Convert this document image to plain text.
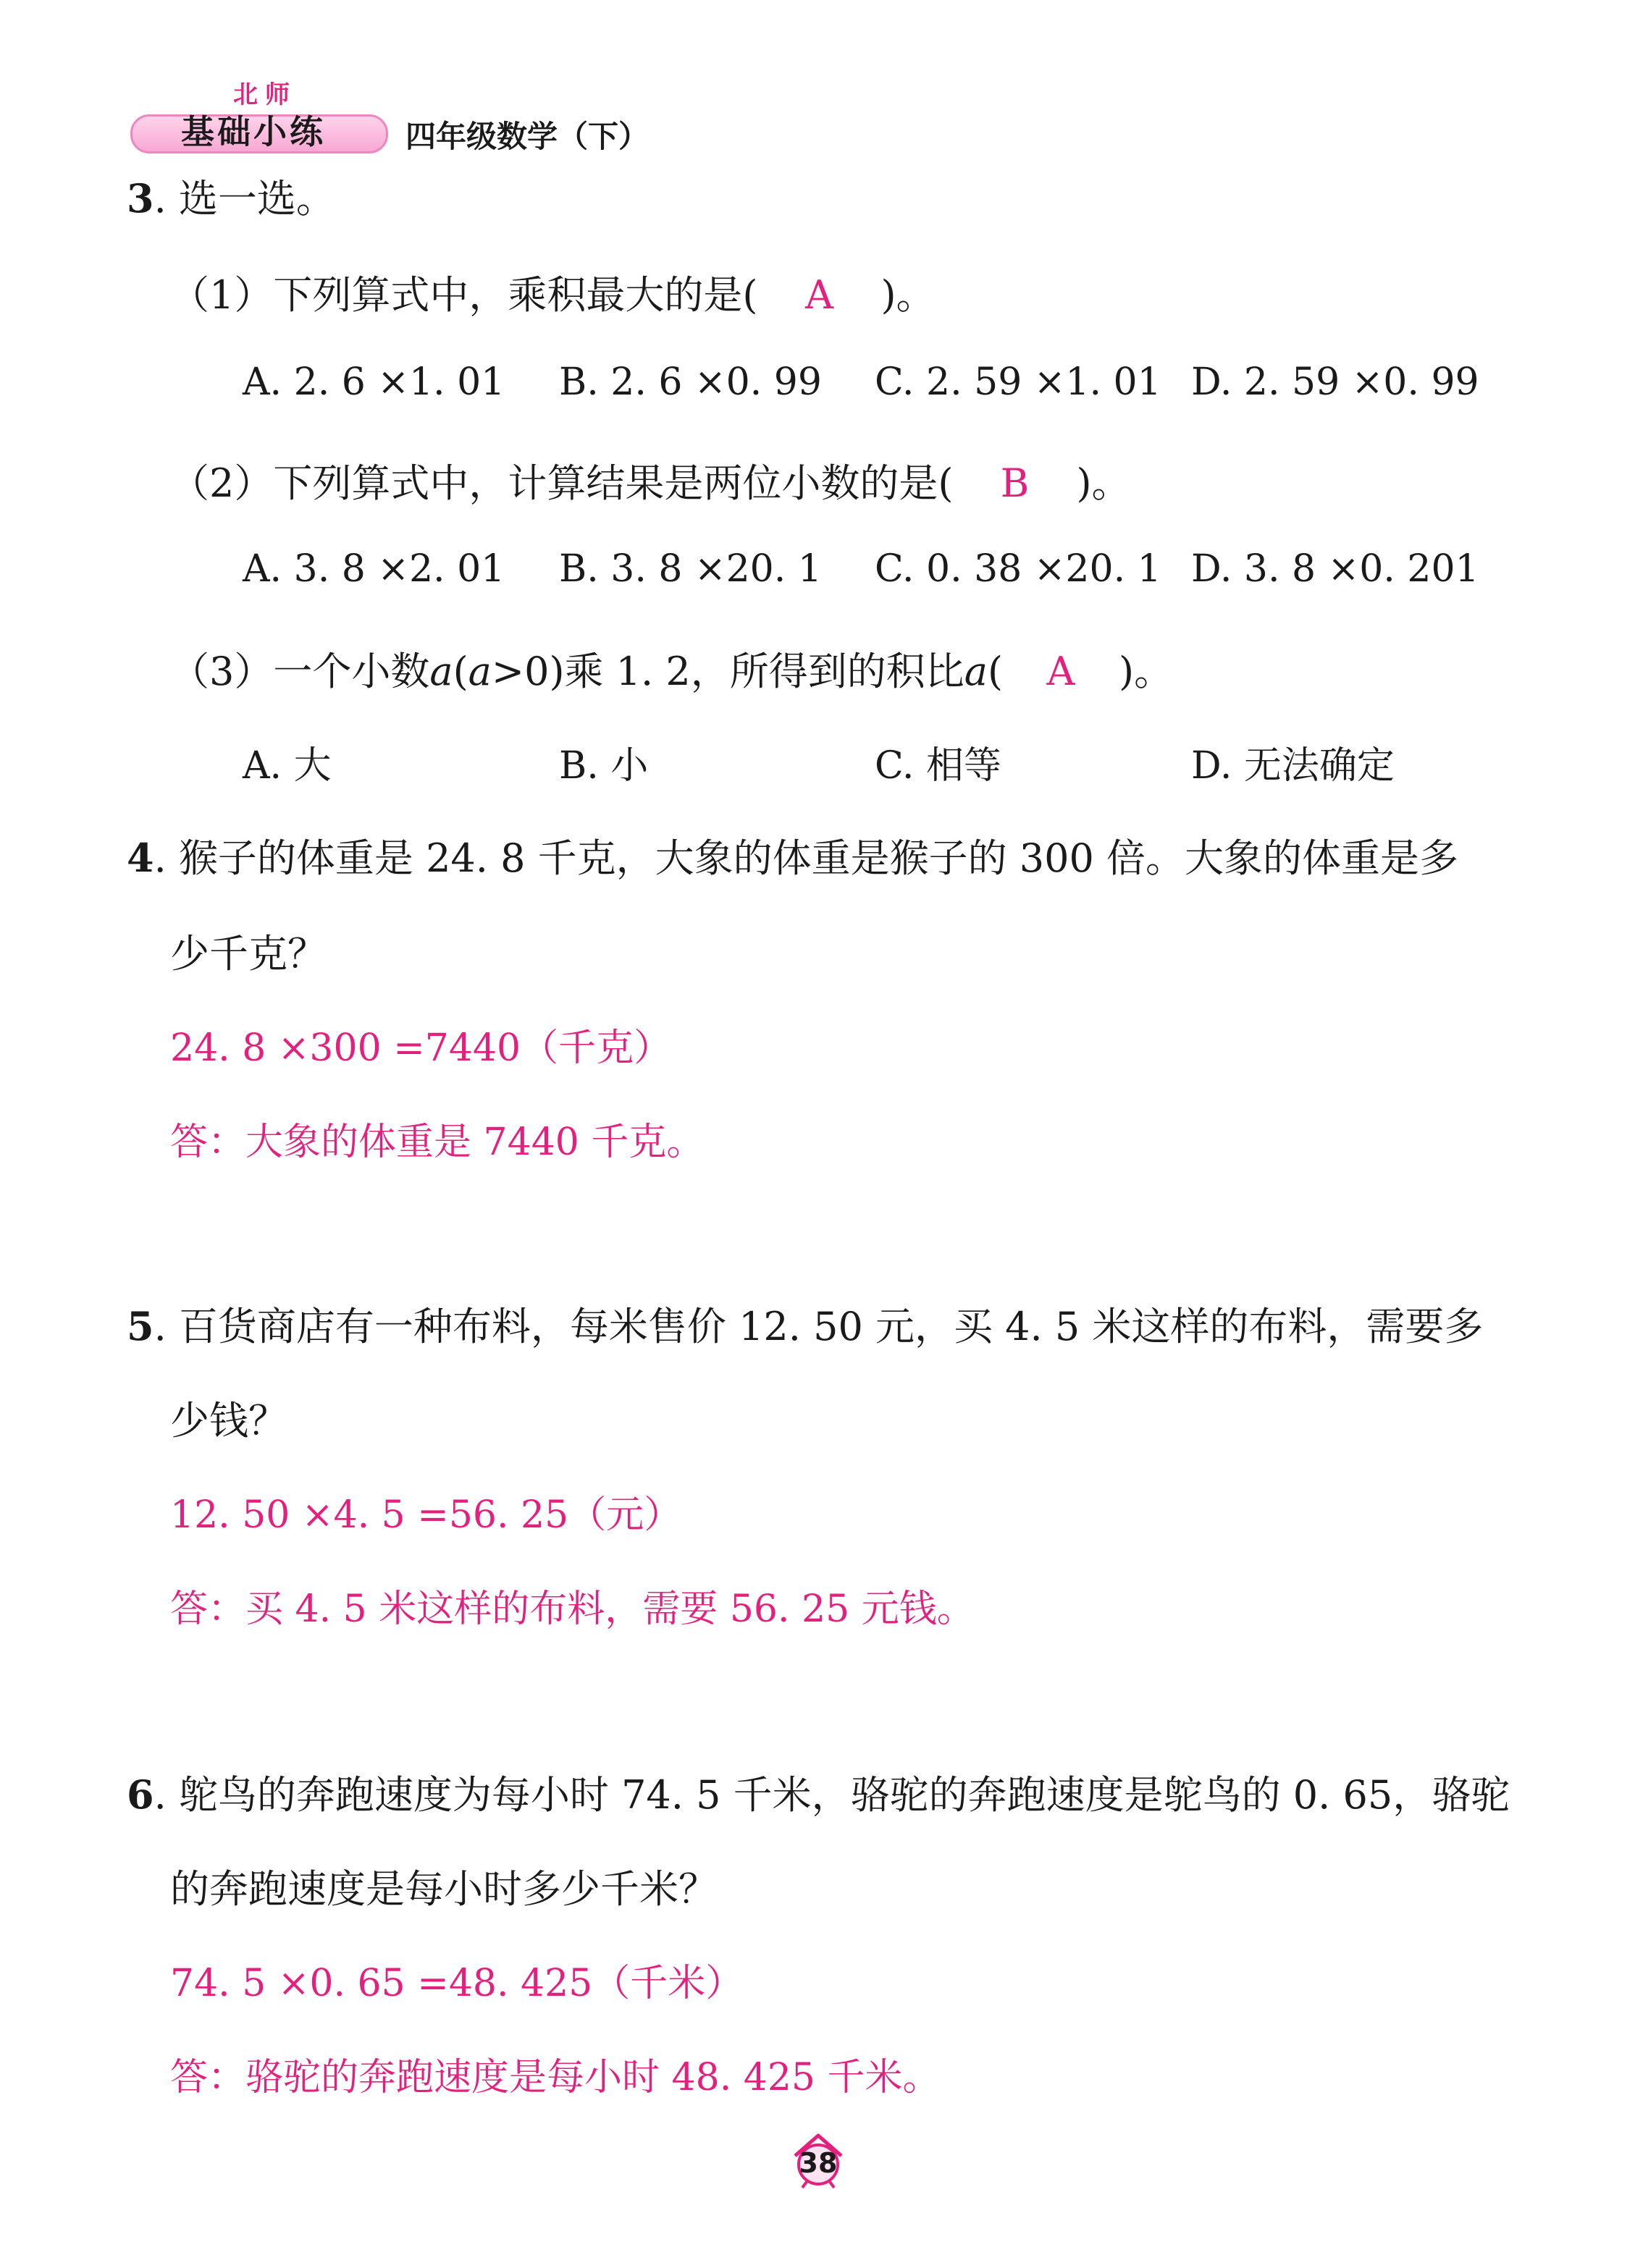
北师
基础小练	四年级数学（下）
3. 选一选。
（1）下列算式中，乘积最大的是( A )。
A. 2. 6 ×1. 01 B. 2. 6 ×0. 99 C. 2. 59 ×1. 01 D. 2. 59 ×0. 99
（2）下列算式中，计算结果是两位小数的是( B )。
A. 3. 8 ×2. 01 B. 3. 8 ×20. 1 C. 0. 38 ×20. 1 D. 3. 8 ×0. 201
（3）一个小数a(a>0)乘 1. 2，所得到的积比a( A )。
A. 大	B. 小	C. 相等	D. 无法确定
4. 猴子的体重是 24. 8 千克，大象的体重是猴子的 300 倍。大象的体重是多
少千克？
24. 8 ×300 =7440（千克）
答：大象的体重是 7440 千克。
5. 百货商店有一种布料，每米售价 12. 50 元，买 4. 5 米这样的布料，需要多
少钱？
12. 50 ×4. 5 =56. 25（元）
答：买 4. 5 米这样的布料，需要 56. 25 元钱。
6. 鸵鸟的奔跑速度为每小时 74. 5 千米，骆驼的奔跑速度是鸵鸟的 0. 65，骆驼
的奔跑速度是每小时多少千米？
74. 5 ×0. 65 =48. 425（千米）
答：骆驼的奔跑速度是每小时 48. 425 千米。
38
